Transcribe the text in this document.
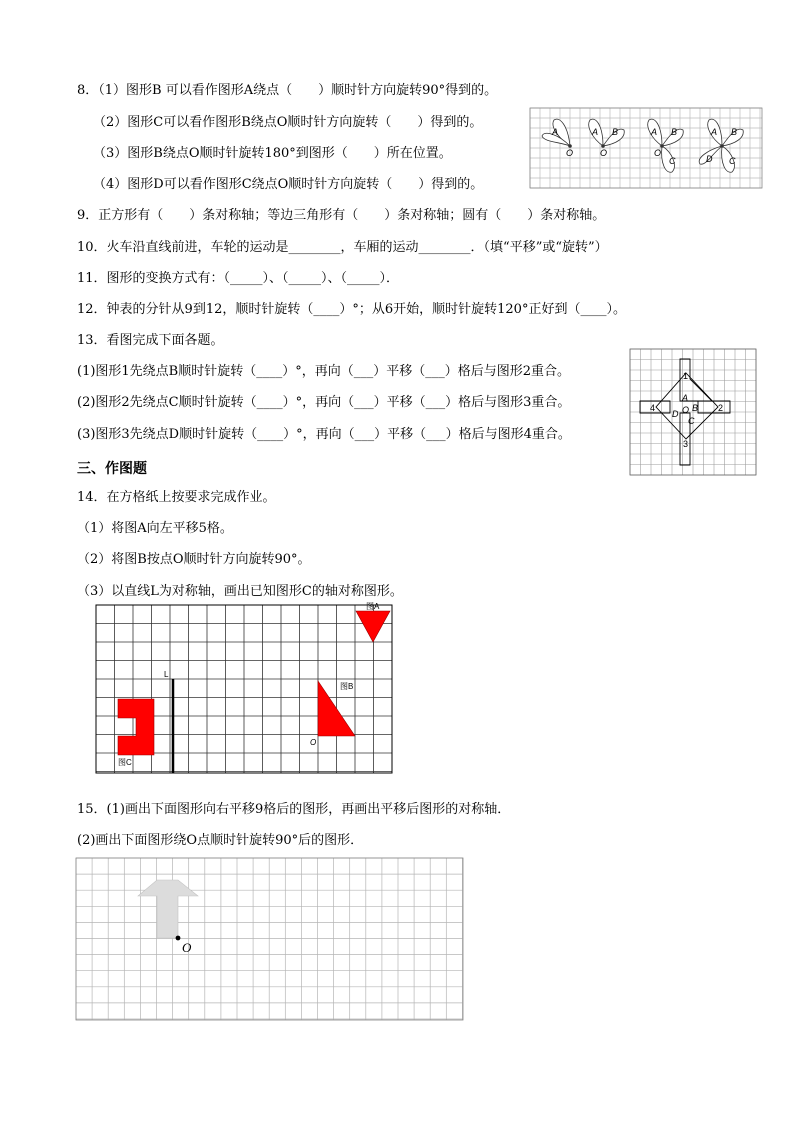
8．（1）图形B 可以看作图形A绕点（　　）顺时针方向旋转90°得到的。
（2）图形C可以看作图形B绕点O顺时针方向旋转（　　）得到的。
（3）图形B绕点O顺时针旋转180°到图形（　　）所在位置。
（4）图形D可以看作图形C绕点O顺时针方向旋转（　　）得到的。
A
O
A B
O
A B
C
O
A B
D C
9．正方形有（　　）条对称轴；等边三角形有（　　）条对称轴；圆有（　　）条对称轴。
10．火车沿直线前进，车轮的运动是________，车厢的运动________．（填“平移”或“旋转”）
11．图形的变换方式有：（_____）、（_____）、（_____）．
12．钟表的分针从9到12，顺时针旋转（____）°；从6开始，顺时针旋转120°正好到（____）。
13．看图完成下面各题。
(1)图形1先绕点B顺时针旋转（____）°，再向（___）平移（___）格后与图形2重合。
(2)图形2先绕点C顺时针旋转（____）°，再向（___）平移（___）格后与图形3重合。
(3)图形3先绕点D顺时针旋转（____）°，再向（___）平移（___）格后与图形4重合。
1
2
3
4
A
B
C
D O
三、作图题
14．在方格纸上按要求完成作业。
（1）将图A向左平移5格。
（2）将图B按点O顺时针方向旋转90°。
（3）以直线L为对称轴，画出已知图形C的轴对称图形。
图A
图B
图C
L
O
15．(1)画出下面图形向右平移9格后的图形，再画出平移后图形的对称轴．
(2)画出下面图形绕O点顺时针旋转90°后的图形．
O
